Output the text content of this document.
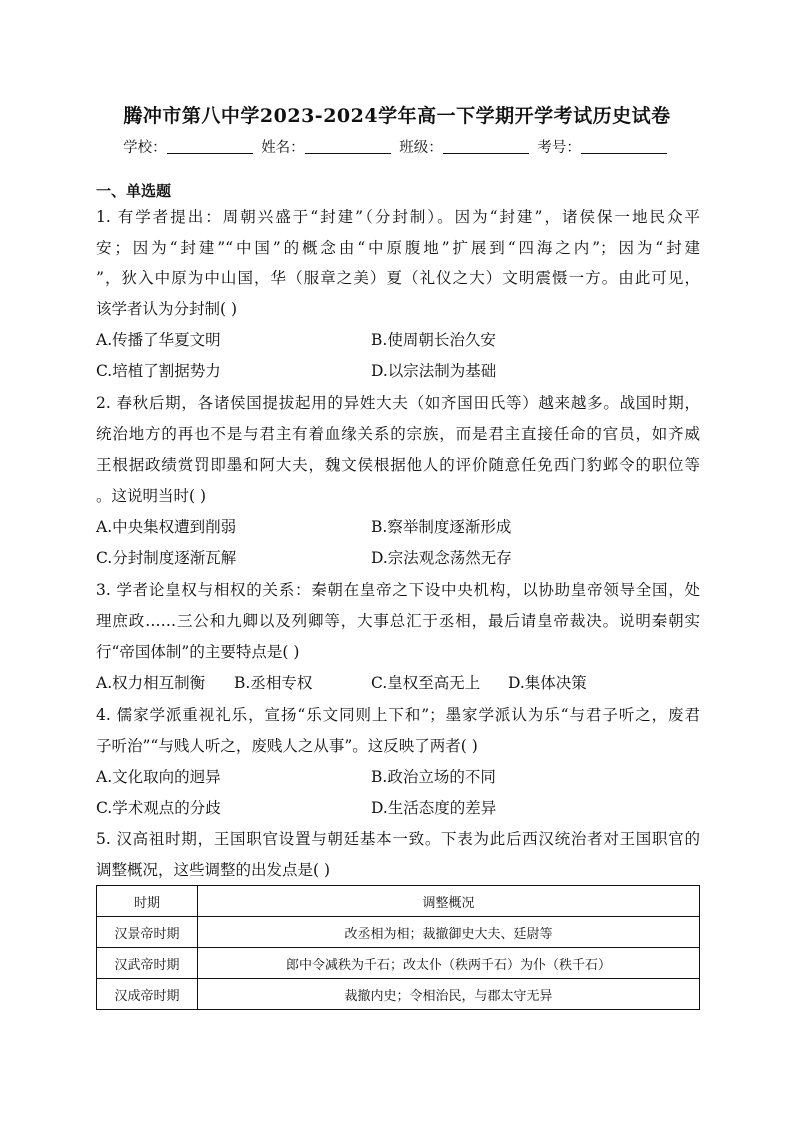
腾冲市第八中学2023-2024学年高一下学期开学考试历史试卷
学校：	姓名：	班级：	考号：
一、单选题
1. 有学者提出：周朝兴盛于“封建”（分封制）。因为“封建”，诸侯保一地民众平
安；因为“封建”“中国”的概念由“中原腹地”扩展到“四海之内”；因为“封建
”，狄入中原为中山国，华（服章之美）夏（礼仪之大）文明震慑一方。由此可见，
该学者认为分封制( )
A.传播了华夏文明	B.使周朝长治久安
C.培植了割据势力	D.以宗法制为基础
2. 春秋后期，各诸侯国提拔起用的异姓大夫（如齐国田氏等）越来越多。战国时期，
统治地方的再也不是与君主有着血缘关系的宗族，而是君主直接任命的官员，如齐威
王根据政绩赏罚即墨和阿大夫，魏文侯根据他人的评价随意任免西门豹邺令的职位等
。这说明当时( )
A.中央集权遭到削弱	B.察举制度逐渐形成
C.分封制度逐渐瓦解	D.宗法观念荡然无存
3. 学者论皇权与相权的关系：秦朝在皇帝之下设中央机构，以协助皇帝领导全国，处
理庶政……三公和九卿以及列卿等，大事总汇于丞相，最后请皇帝裁决。说明秦朝实
行“帝国体制”的主要特点是( )
A.权力相互制衡 B.丞相专权	C.皇权至高无上 D.集体决策
4. 儒家学派重视礼乐，宣扬“乐文同则上下和”；墨家学派认为乐“与君子听之，废君
子听治”“与贱人听之，废贱人之从事”。这反映了两者( )
A.文化取向的迥异	B.政治立场的不同
C.学术观点的分歧	D.生活态度的差异
5. 汉高祖时期，王国职官设置与朝廷基本一致。下表为此后西汉统治者对王国职官的
调整概况，这些调整的出发点是( )
时期	调整概况
汉景帝时期	改丞相为相；裁撤御史大夫、廷尉等
汉武帝时期	郎中令减秩为千石；改太仆（秩两千石）为仆（秩千石）
汉成帝时期	裁撤内史；令相治民，与郡太守无异
